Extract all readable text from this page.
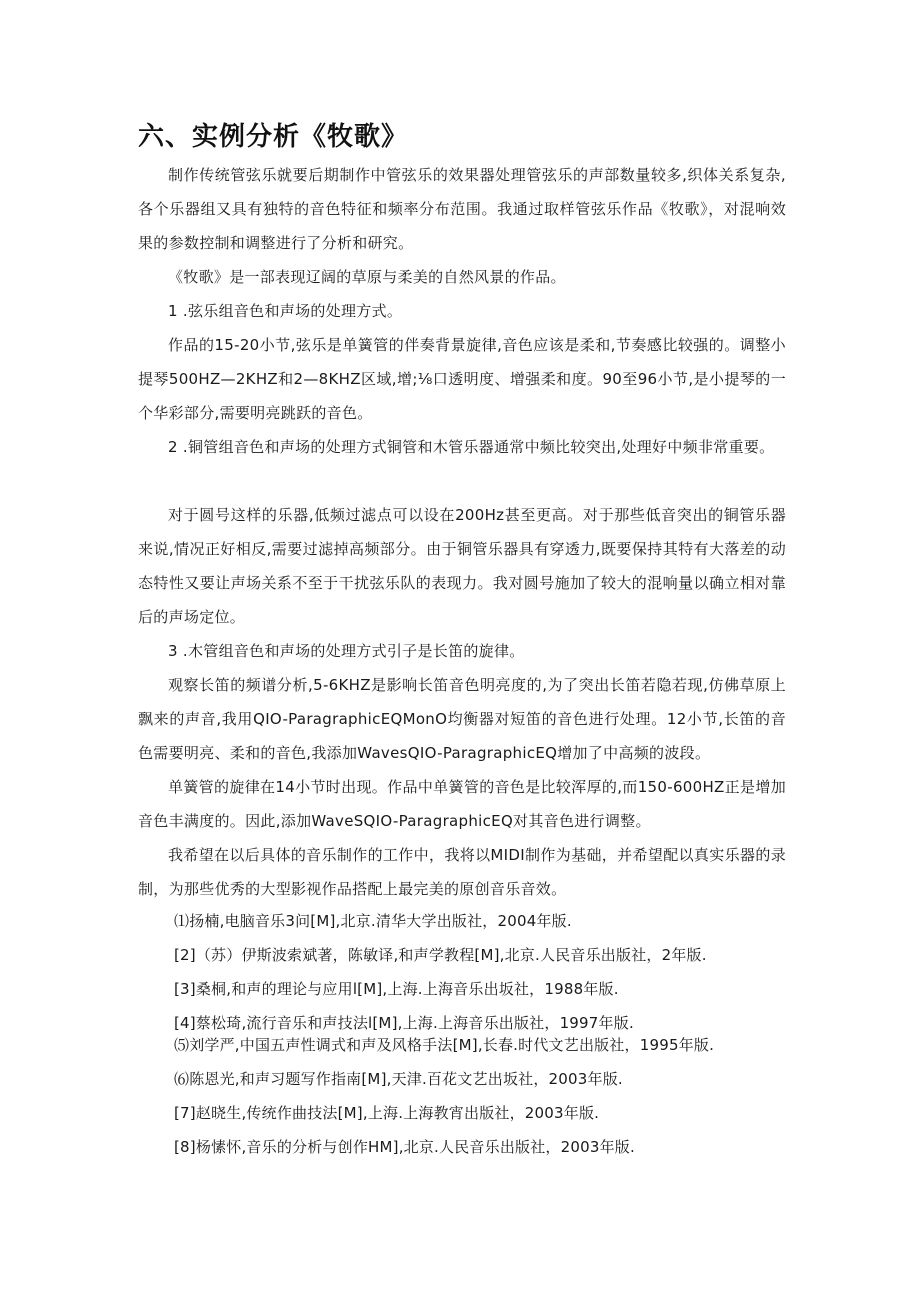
六、实例分析《牧歌》

制作传统管弦乐就要后期制作中管弦乐的效果器处理管弦乐的声部数量较多,织体关系复杂,各个乐器组又具有独特的音色特征和频率分布范围。我通过取样管弦乐作品《牧歌》，对混响效果的参数控制和调整进行了分析和研究。

《牧歌》是一部表现辽阔的草原与柔美的自然风景的作品。

1 .弦乐组音色和声场的处理方式。

作品的15-20小节,弦乐是单簧管的伴奏背景旋律,音色应该是柔和,节奏感比较强的。调整小提琴500HZ—2KHZ和2—8KHZ区域,增;⅛口透明度、增强柔和度。90至96小节,是小提琴的一个华彩部分,需要明亮跳跃的音色。

2 .铜管组音色和声场的处理方式铜管和木管乐器通常中频比较突出,处理好中频非常重要。

对于圆号这样的乐器,低频过滤点可以设在200Hz甚至更高。对于那些低音突出的铜管乐器来说,情况正好相反,需要过滤掉高频部分。由于铜管乐器具有穿透力,既要保持其特有大落差的动态特性又要让声场关系不至于干扰弦乐队的表现力。我对圆号施加了较大的混响量以确立相对靠后的声场定位。

3 .木管组音色和声场的处理方式引子是长笛的旋律。

观察长笛的频谱分析,5-6KHZ是影响长笛音色明亮度的,为了突出长笛若隐若现,仿佛草原上飘来的声音,我用QIO-ParagraphicEQMonO均衡器对短笛的音色进行处理。12小节,长笛的音色需要明亮、柔和的音色,我添加WavesQIO-ParagraphicEQ增加了中高频的波段。

单簧管的旋律在14小节时出现。作品中单簧管的音色是比较浑厚的,而150-600HZ正是增加音色丰满度的。因此,添加WaveSQIO-ParagraphicEQ对其音色进行调整。

我希望在以后具体的音乐制作的工作中，我将以MIDI制作为基础，并希望配以真实乐器的录制，为那些优秀的大型影视作品搭配上最完美的原创音乐音效。

⑴扬楠,电脑音乐3问[M],北京.清华大学出版社，2004年版.

[2]（苏）伊斯波索斌著，陈敏译,和声学教程[M],北京.人民音乐出版社，2年版.

[3]桑桐,和声的理论与应用l[M],上海.上海音乐出坂社，1988年版.

[4]蔡松琦,流行音乐和声技法l[M],上海.上海音乐出版社，1997年版.

⑸刘学严,中国五声性调式和声及风格手法[M],长春.时代文艺出版社，1995年版.

⑹陈恩光,和声习题写作指南[M],天津.百花文艺出坂社，2003年版.

[7]赵晓生,传统作曲技法[M],上海.上海教宵出版社，2003年版.

[8]杨愫怀,音乐的分析与创作HM],北京.人民音乐出版社，2003年版.
